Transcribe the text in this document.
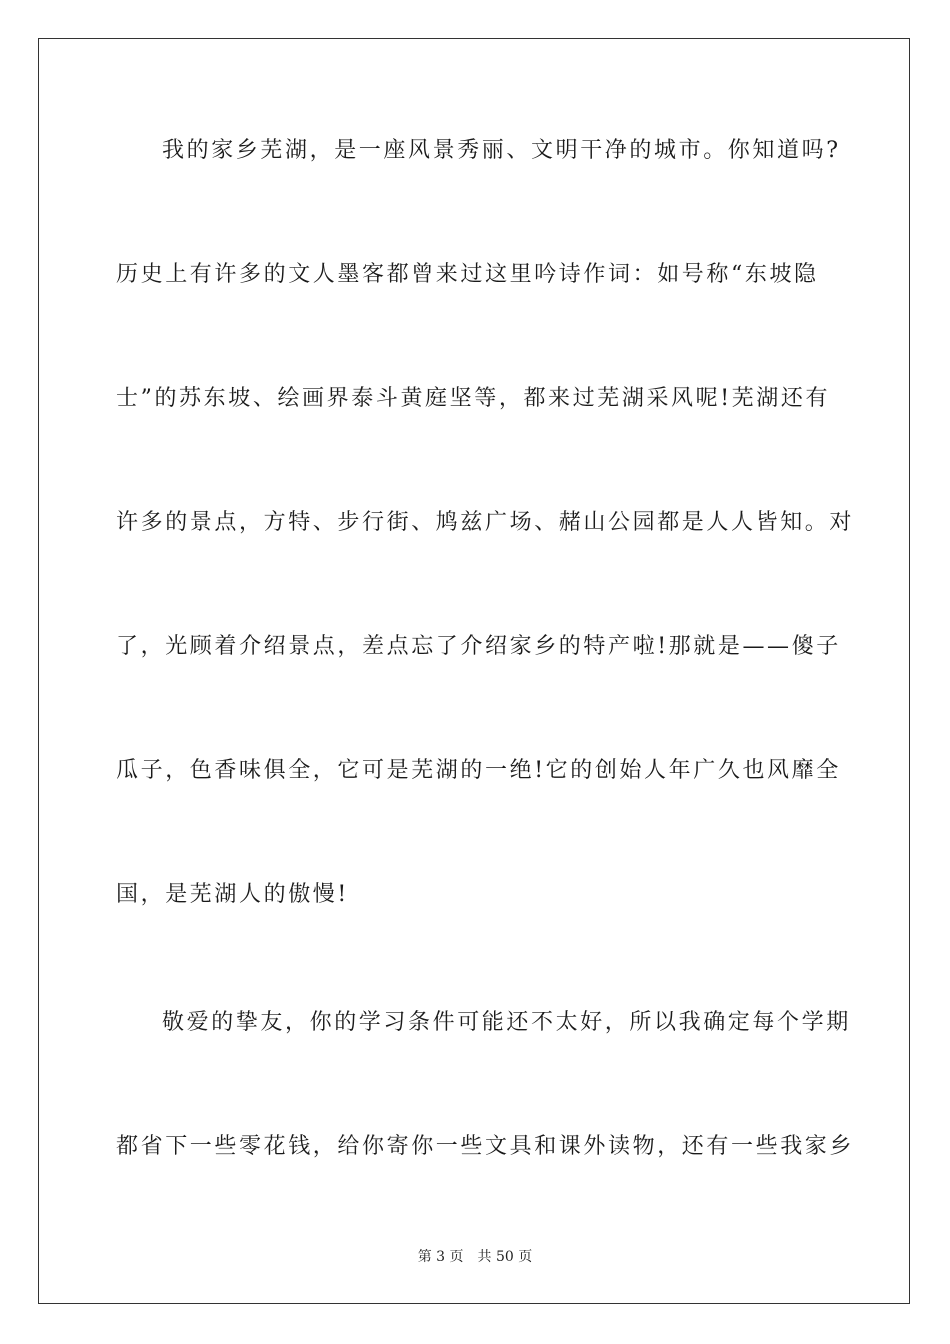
我的家乡芜湖，是一座风景秀丽、文明干净的城市。你知道吗?
历史上有许多的文人墨客都曾来过这里吟诗作词：如号称“东坡隐
士”的苏东坡、绘画界泰斗黄庭坚等，都来过芜湖采风呢!芜湖还有
许多的景点，方特、步行街、鸠兹广场、赭山公园都是人人皆知。对
了，光顾着介绍景点，差点忘了介绍家乡的特产啦!那就是——傻子
瓜子，色香味俱全，它可是芜湖的一绝!它的创始人年广久也风靡全
国，是芜湖人的傲慢!
敬爱的挚友，你的学习条件可能还不太好，所以我确定每个学期
都省下一些零花钱，给你寄你一些文具和课外读物，还有一些我家乡
第 3 页 共 50 页
